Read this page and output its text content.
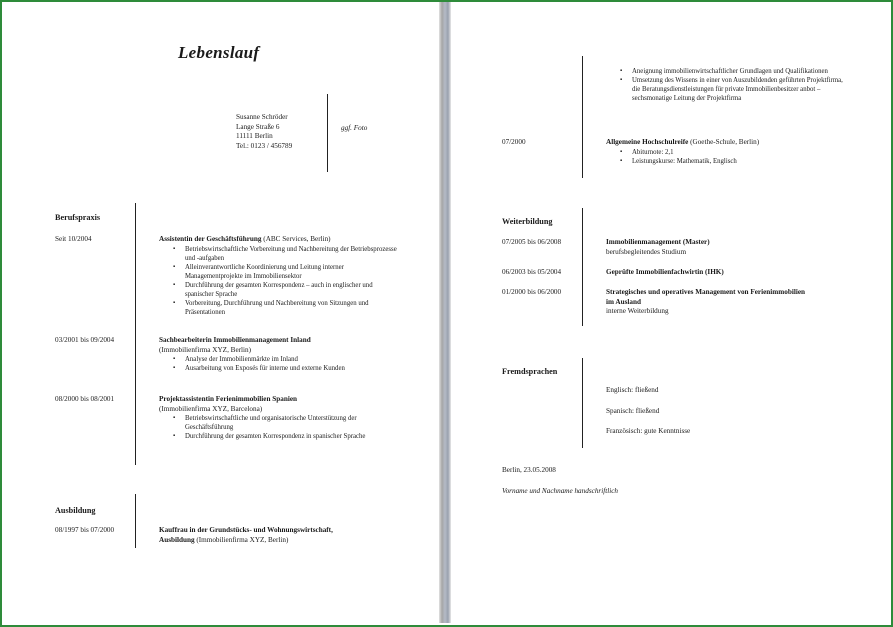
Lebenslauf
Susanne Schröder
Lange Straße 6
11111 Berlin
Tel.: 0123 / 456789
ggf. Foto
Berufspraxis
Seit 10/2004	Assistentin der Geschäftsführung (ABC Services, Berlin)
▪ Betriebswirtschaftliche Vorbereitung und Nachbereitung der Betriebsprozesse und -aufgaben
▪ Alleinverantwortliche Koordinierung und Leitung interner Managementprojekte im Immobiliensektor
▪ Durchführung der gesamten Korrespondenz – auch in englischer und spanischer Sprache
▪ Vorbereitung, Durchführung und Nachbereitung von Sitzungen und Präsentationen
03/2001 bis 09/2004	Sachbearbeiterin Immobilienmanagement Inland
(Immobilienfirma XYZ, Berlin)
▪ Analyse der Immobilienmärkte im Inland
▪ Ausarbeitung von Exposés für interne und externe Kunden
08/2000 bis 08/2001	Projektassistentin Ferienimmobilien Spanien
(Immobilienfirma XYZ, Barcelona)
▪ Betriebswirtschaftliche und organisatorische Unterstützung der Geschäftsführung
▪ Durchführung der gesamten Korrespondenz in spanischer Sprache
Ausbildung
08/1997 bis 07/2000	Kauffrau in der Grundstücks- und Wohnungswirtschaft,
Ausbildung (Immobilienfirma XYZ, Berlin)
▪ Aneignung immobilienwirtschaftlicher Grundlagen und Qualifikationen
▪ Umsetzung des Wissens in einer von Auszubildenden geführten Projektfirma, die Beratungsdienstleistungen für private Immobilienbesitzer anbot – sechsmonatige Leitung der Projektfirma
07/2000	Allgemeine Hochschulreife (Goethe-Schule, Berlin)
▪ Abiturnote: 2,1
▪ Leistungskurse: Mathematik, Englisch
Weiterbildung
07/2005 bis 06/2008	Immobilienmanagement (Master)
berufsbegleitendes Studium
06/2003 bis 05/2004	Geprüfte Immobilienfachwirtin (IHK)
01/2000 bis 06/2000	Strategisches und operatives Management von Ferienimmobilien im Ausland
interne Weiterbildung
Fremdsprachen
Englisch: fließend
Spanisch: fließend
Französisch: gute Kenntnisse
Berlin, 23.05.2008
Vorname und Nachname handschriftlich
